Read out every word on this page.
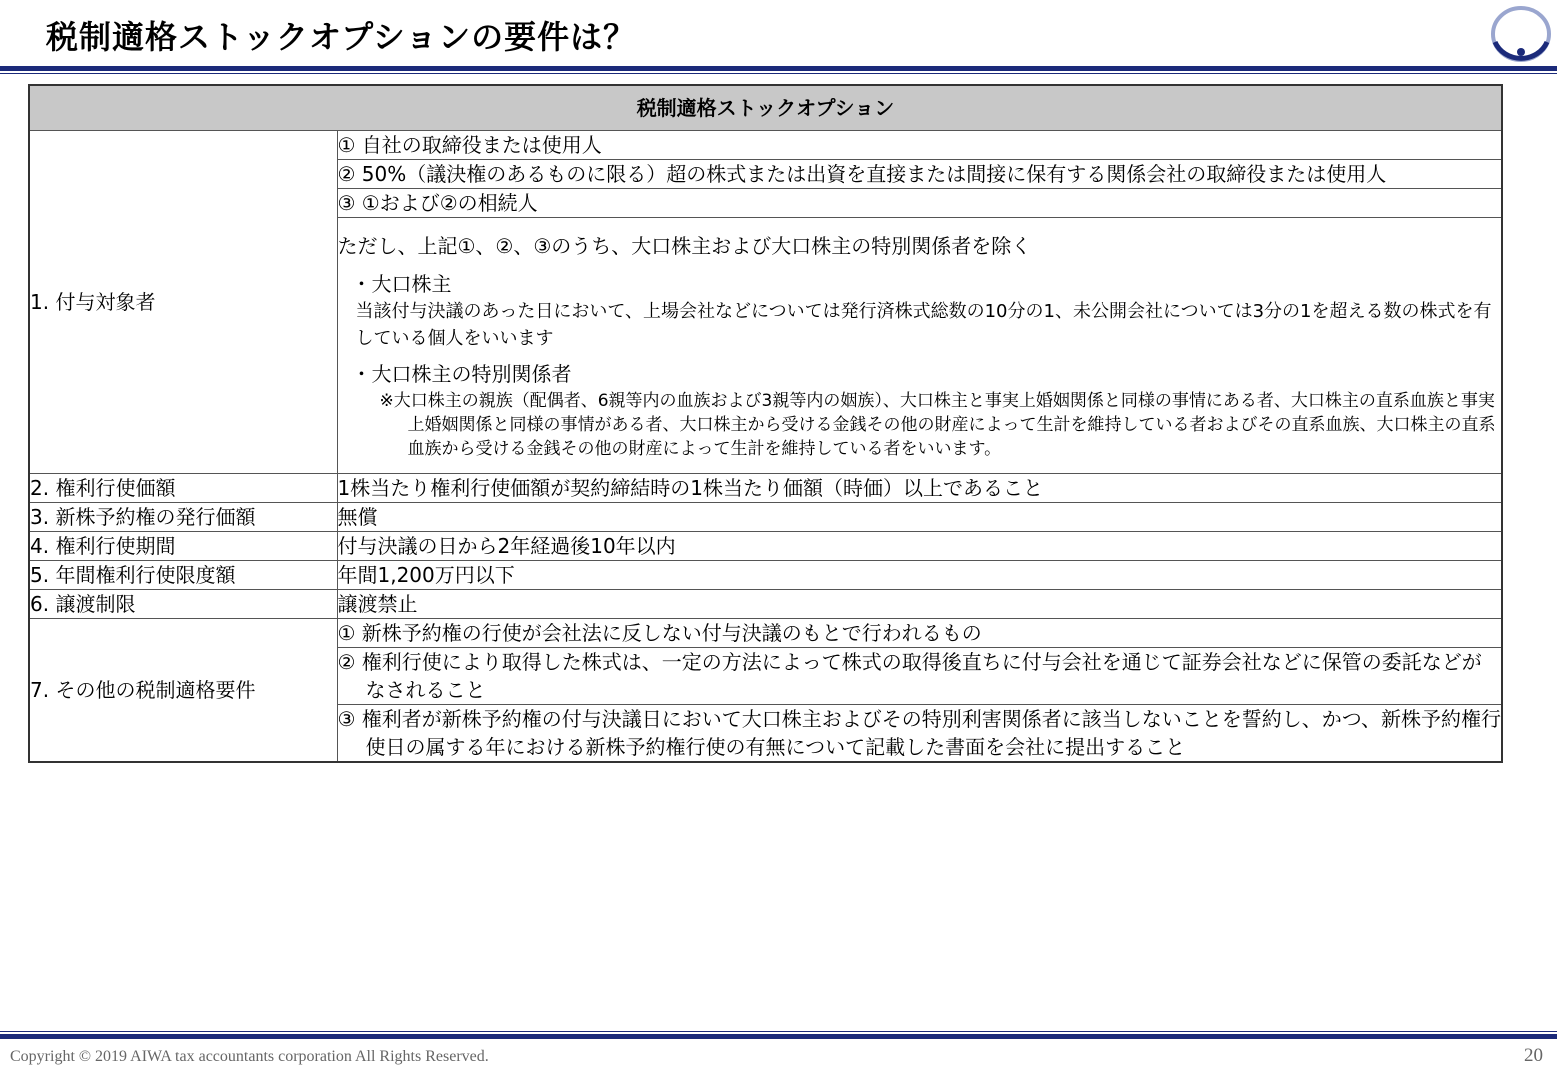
税制適格ストックオプションの要件は？
税制適格ストックオプション	
1. 付与対象者	① 自社の取締役または使用人

	② 50%（議決権のあるものに限る）超の株式または出資を直接または間接に保有する関係会社の取締役または使用人

	③ ①および②の相続人

	ただし、上記①、②、③のうち、大口株主および大口株主の特別関係者を除く
・大口株主
当該付与決議のあった日において、上場会社などについては発行済株式総数の10分の1、未公開会社については3分の1を超える数の株式を有している個人をいいます
・大口株主の特別関係者
※大口株主の親族（配偶者、6親等内の血族および3親等内の姻族）、大口株主と事実上婚姻関係と同様の事情にある者、大口株主の直系血族と事実上婚姻関係と同様の事情がある者、大口株主から受ける金銭その他の財産によって生計を維持している者およびその直系血族、大口株主の直系血族から受ける金銭その他の財産によって生計を維持している者をいいます。

2. 権利行使価額	1株当たり権利行使価額が契約締結時の1株当たり価額（時価）以上であること
3. 新株予約権の発行価額	無償
4. 権利行使期間	付与決議の日から2年経過後10年以内
5. 年間権利行使限度額	年間1,200万円以下
6. 譲渡制限	譲渡禁止
7. その他の税制適格要件	① 新株予約権の行使が会社法に反しない付与決議のもとで行われるもの

	② 権利行使により取得した株式は、一定の方法によって株式の取得後直ちに付与会社を通じて証券会社などに保管の委託などがなされること

	③ 権利者が新株予約権の付与決議日において大口株主およびその特別利害関係者に該当しないことを誓約し、かつ、新株予約権行使日の属する年における新株予約権行使の有無について記載した書面を会社に提出すること
Copyright © 2019 AIWA tax accountants corporation All Rights Reserved.	20
